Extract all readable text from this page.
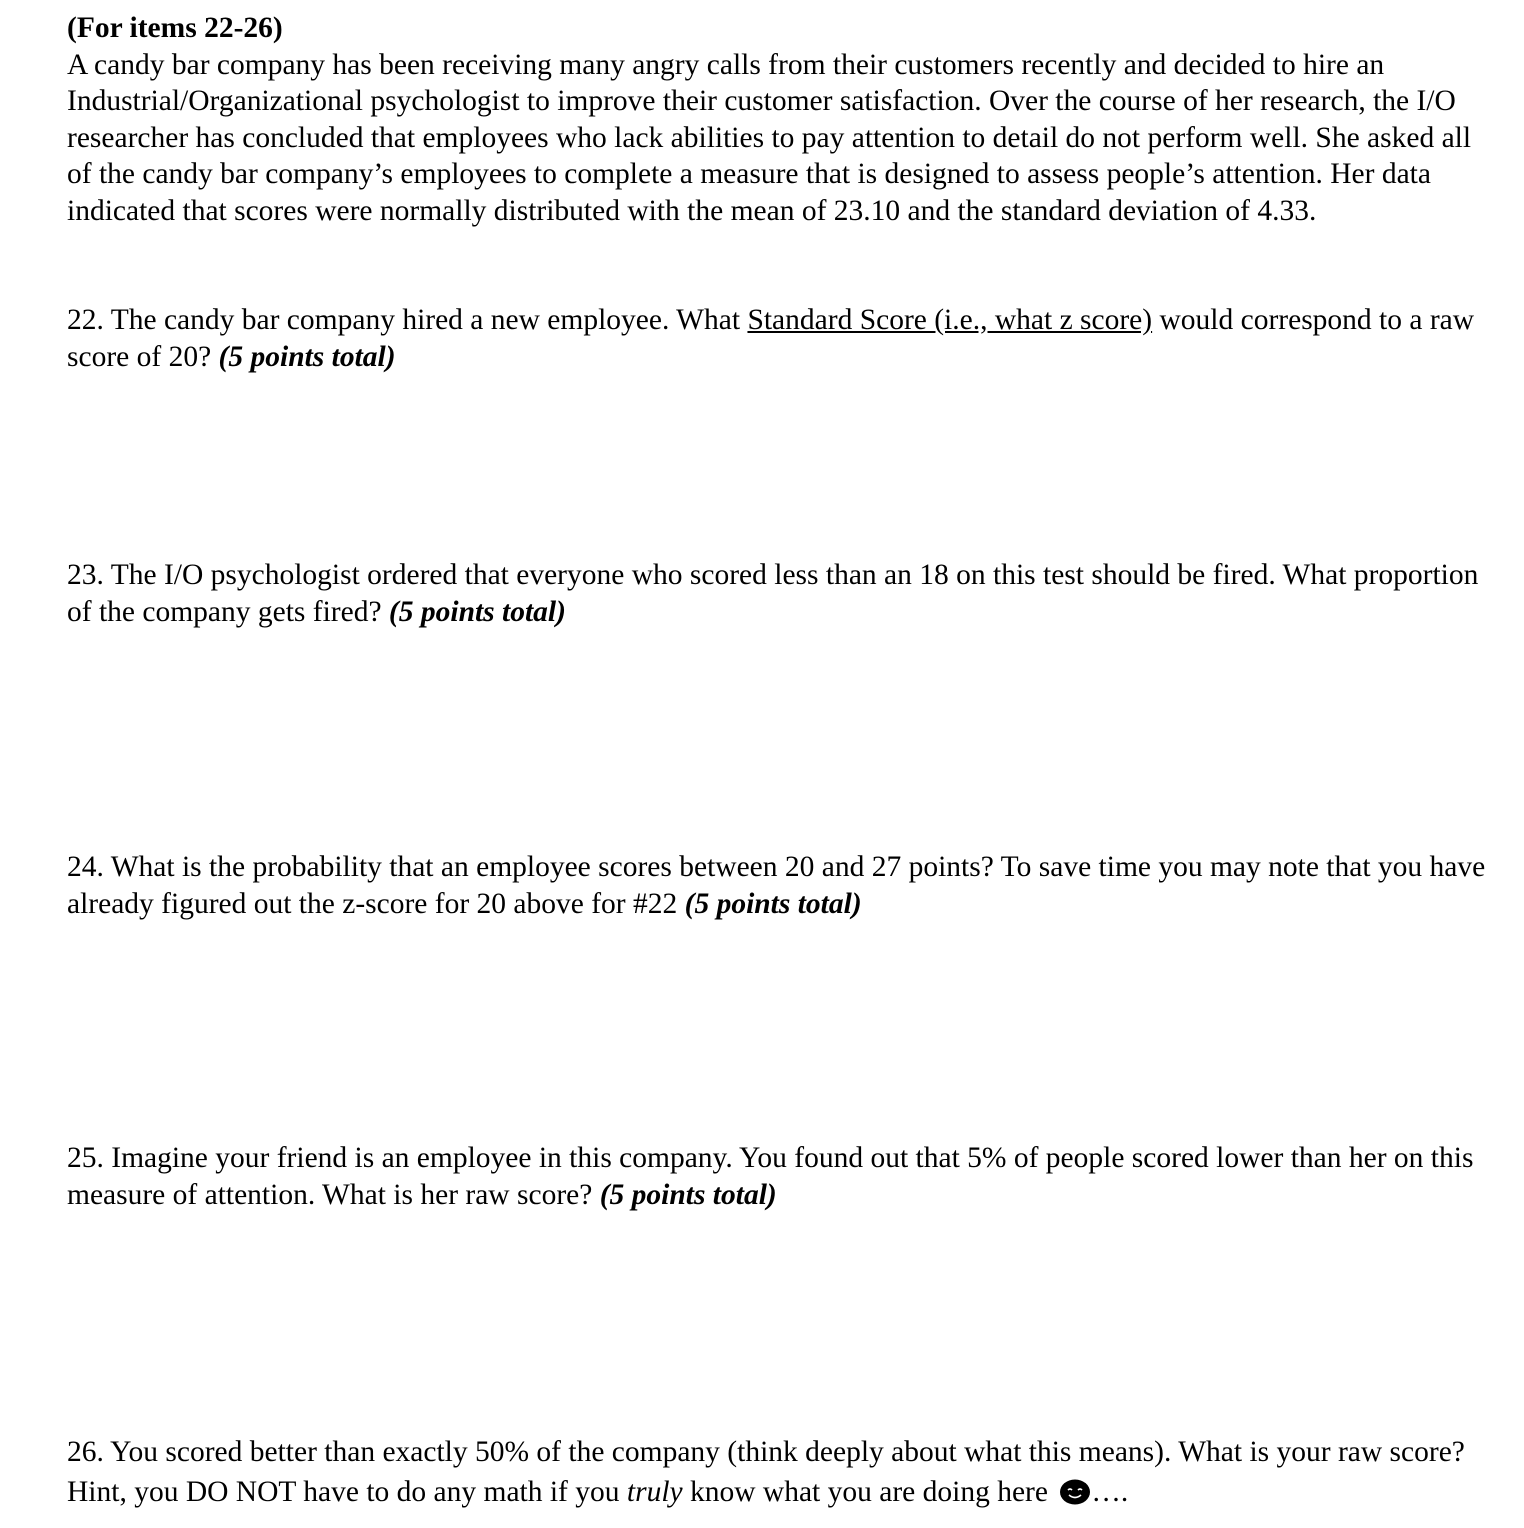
(For items 22-26)

A candy bar company has been receiving many angry calls from their customers recently and decided to hire an Industrial/Organizational psychologist to improve their customer satisfaction. Over the course of her research, the I/O researcher has concluded that employees who lack abilities to pay attention to detail do not perform well. She asked all of the candy bar company’s employees to complete a measure that is designed to assess people’s attention. Her data indicated that scores were normally distributed with the mean of 23.10 and the standard deviation of 4.33.

22. The candy bar company hired a new employee. What Standard Score (i.e., what z score) would correspond to a raw score of 20? (5 points total)

23. The I/O psychologist ordered that everyone who scored less than an 18 on this test should be fired. What proportion of the company gets fired? (5 points total)

24. What is the probability that an employee scores between 20 and 27 points? To save time you may note that you have already figured out the z-score for 20 above for #22 (5 points total)

25. Imagine your friend is an employee in this company. You found out that 5% of people scored lower than her on this measure of attention. What is her raw score? (5 points total)

26. You scored better than exactly 50% of the company (think deeply about what this means). What is your raw score? Hint, you DO NOT have to do any math if you truly know what you are doing here ….
